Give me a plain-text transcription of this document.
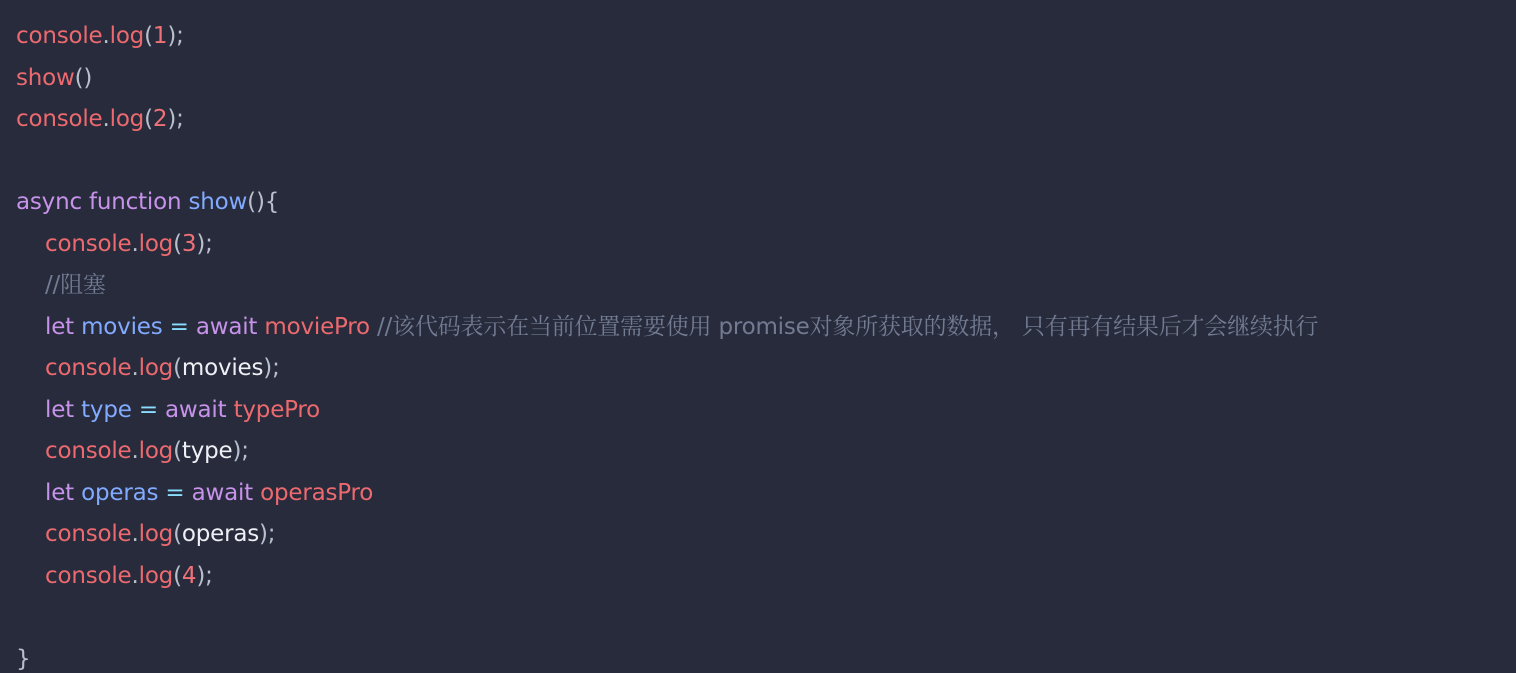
console.log(1);
show()
console.log(2);
async function show(){
console.log(3);
//阻塞
let movies = await moviePro //该代码表示在当前位置需要使用 promise对象所获取的数据， 只有再有结果后才会继续执行
console.log(movies);
let type = await typePro
console.log(type);
let operas = await operasPro
console.log(operas);
console.log(4);
}
